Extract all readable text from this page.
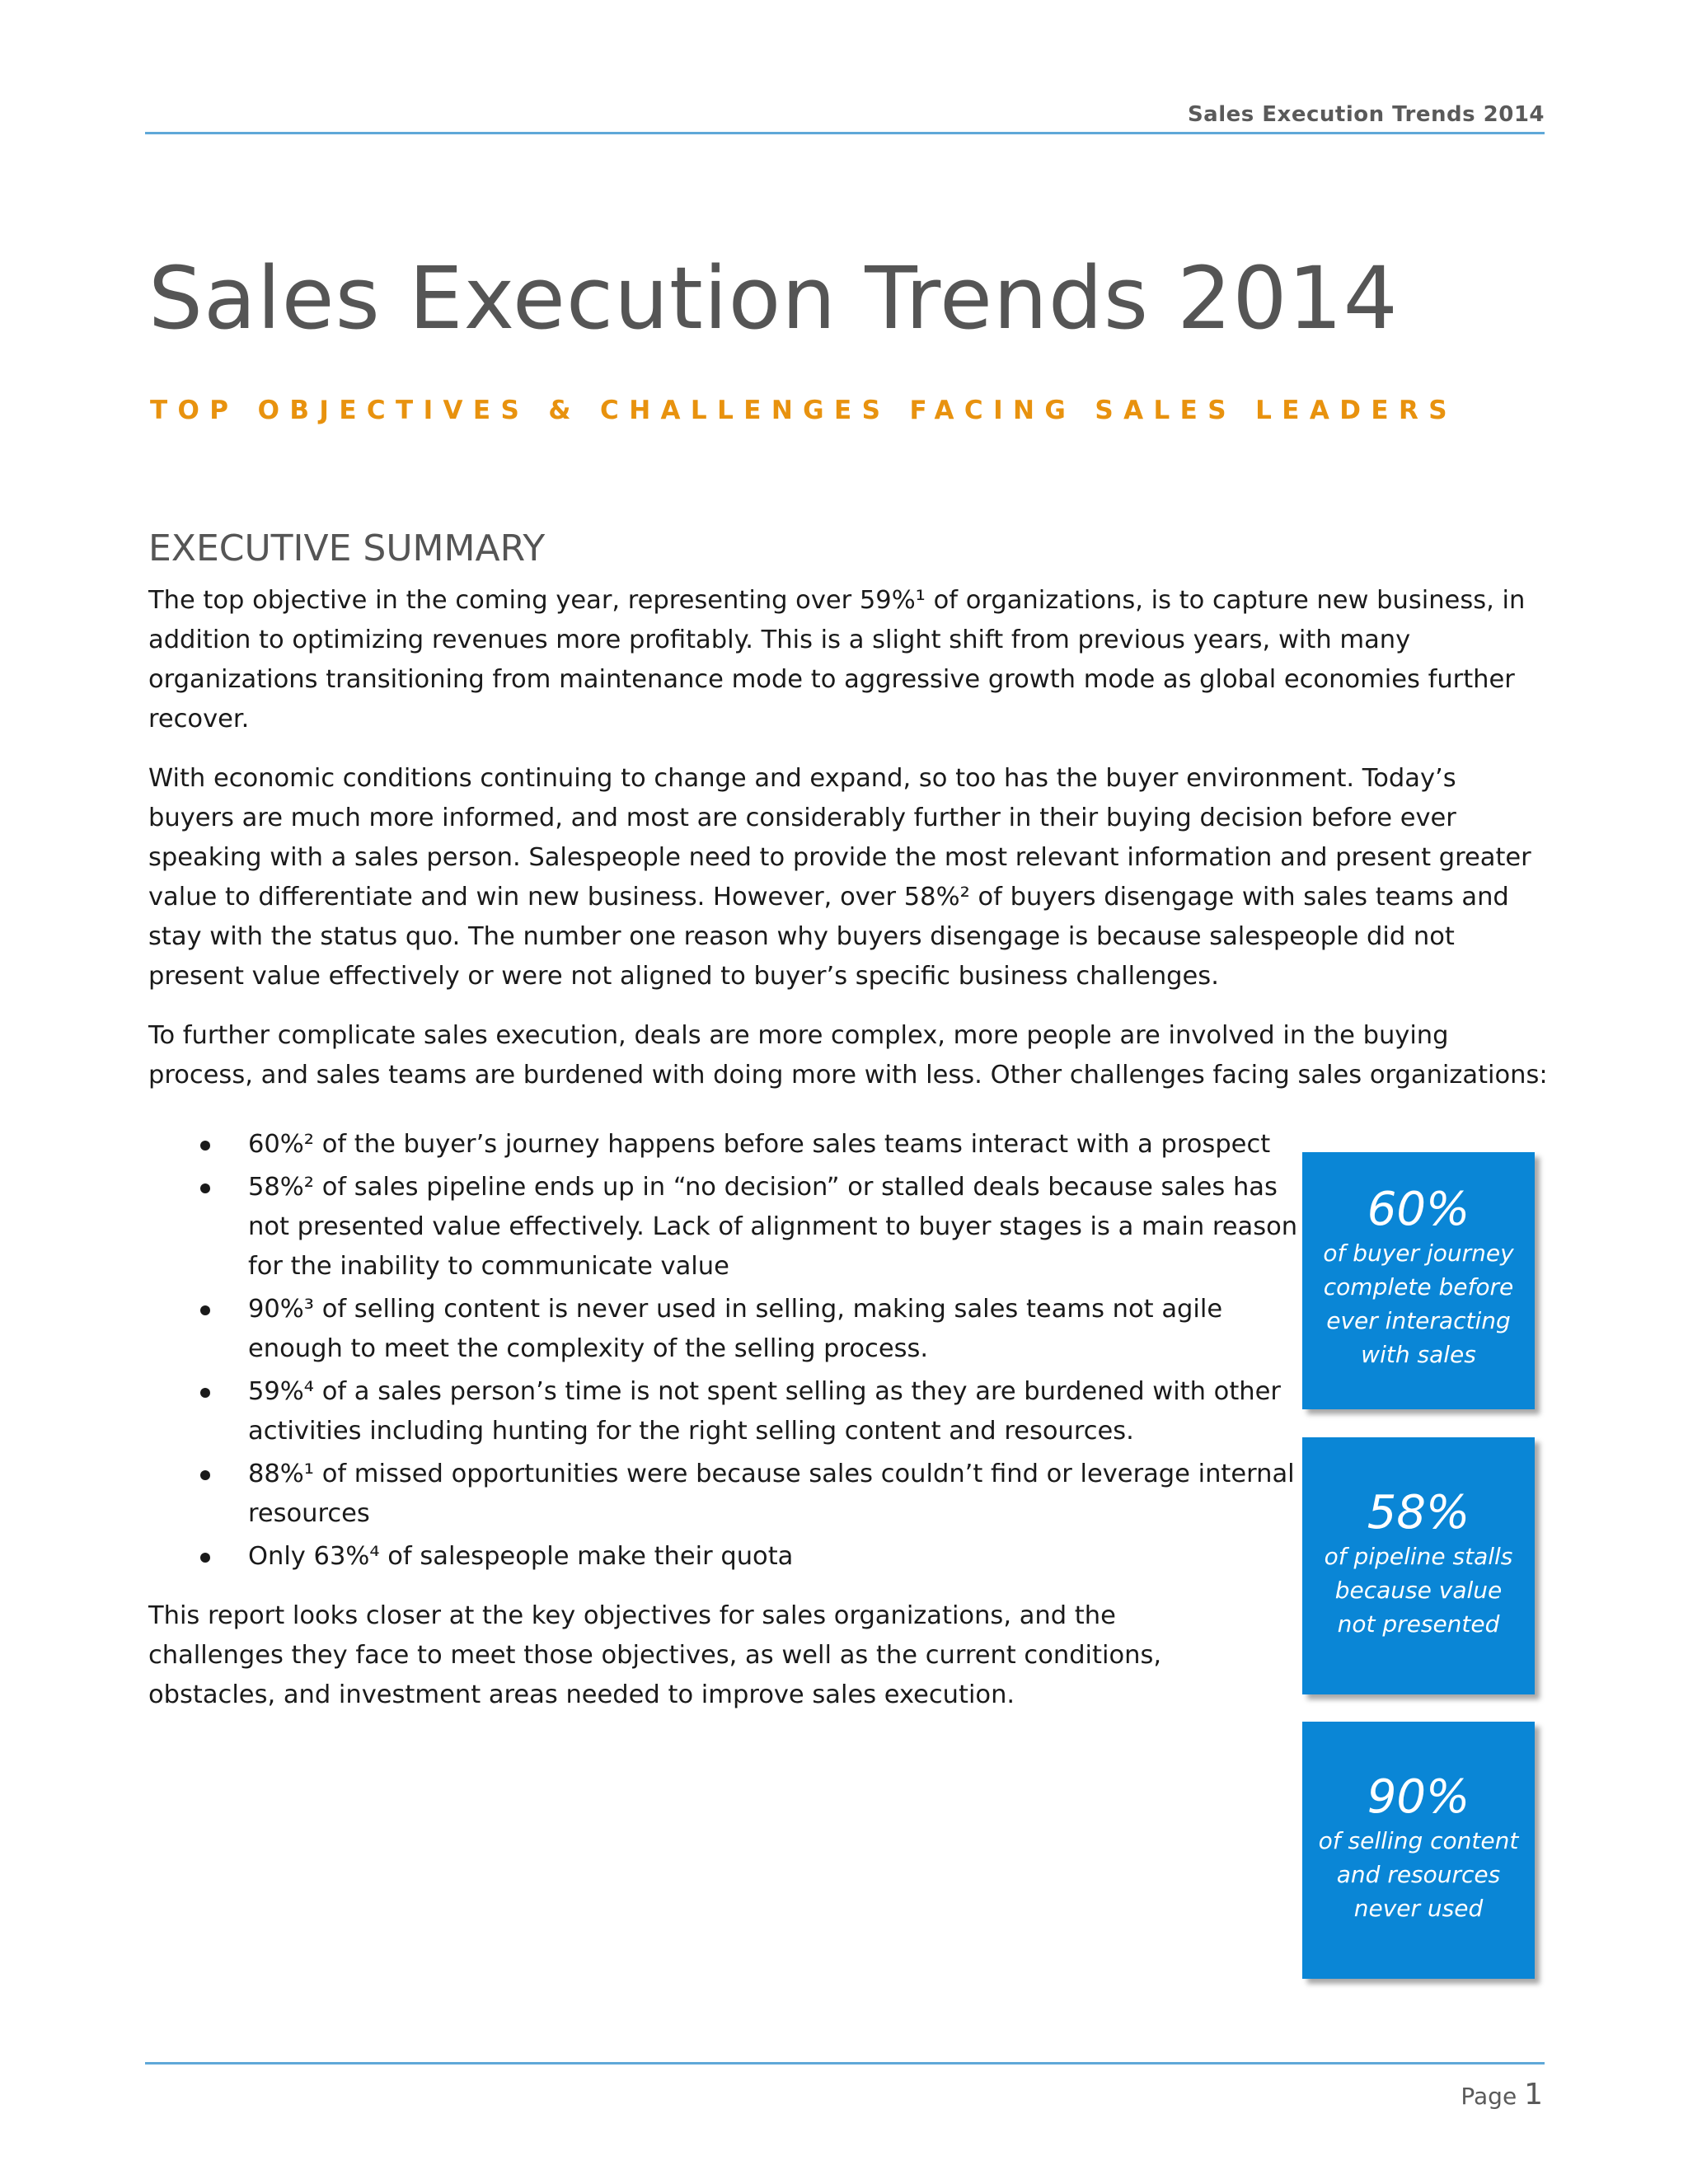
Sales Execution Trends 2014
Sales Execution Trends 2014
TOP OBJECTIVES & CHALLENGES FACING SALES LEADERS
EXECUTIVE SUMMARY

The top objective in the coming year, representing over 59%¹ of organizations, is to capture new business, in addition to optimizing revenues more profitably. This is a slight shift from previous years, with many organizations transitioning from maintenance mode to aggressive growth mode as global economies further recover.

With economic conditions continuing to change and expand, so too has the buyer environment. Today’s buyers are much more informed, and most are considerably further in their buying decision before ever speaking with a sales person. Salespeople need to provide the most relevant information and present greater value to differentiate and win new business. However, over 58%² of buyers disengage with sales teams and stay with the status quo. The number one reason why buyers disengage is because salespeople did not present value effectively or were not aligned to buyer’s specific business challenges.

To further complicate sales execution, deals are more complex, more people are involved in the buying process, and sales teams are burdened with doing more with less. Other challenges facing sales organizations:

60%² of the buyer’s journey happens before sales teams interact with a prospect
58%² of sales pipeline ends up in “no decision” or stalled deals because sales has not presented value effectively. Lack of alignment to buyer stages is a main reason for the inability to communicate value
90%³ of selling content is never used in selling, making sales teams not agile enough to meet the complexity of the selling process.
59%⁴ of a sales person’s time is not spent selling as they are burdened with other activities including hunting for the right selling content and resources.
88%¹ of missed opportunities were because sales couldn’t find or leverage internal resources
Only 63%⁴ of salespeople make their quota

This report looks closer at the key objectives for sales organizations, and the challenges they face to meet those objectives, as well as the current conditions, obstacles, and investment areas needed to improve sales execution.

60%
of buyer journey complete before ever interacting with sales
58%
of pipeline stalls because value not presented
90%
of selling content and resources never used
Page 1
